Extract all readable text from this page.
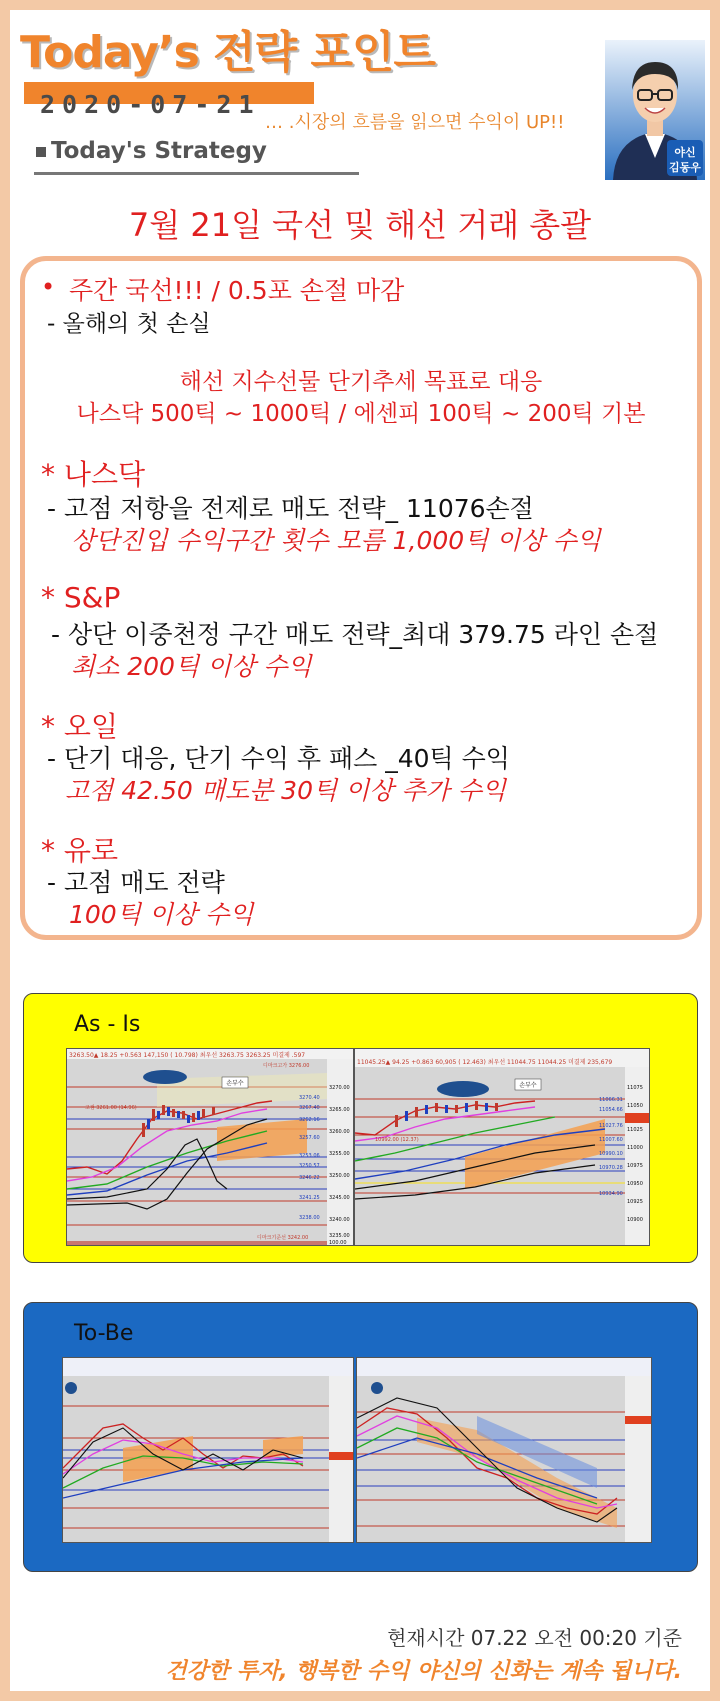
Today’s 전략 포인트
2020-07-21
… .시장의 흐름을 읽으면 수익이 UP!!
Today's Strategy	야신
김동우
7월 21일 국선 및 해선 거래 총괄
• 주간 국선!!! / 0.5포 손절 마감
- 올해의 첫 손실
해선 지수선물 단기추세 목표로 대응
나스닥 500틱 ~ 1000틱 / 에센피 100틱 ~ 200틱 기본
* 나스닥
- 고점 저항을 전제로 매도 전략_ 11076손절
상단진입 수익구간 횟수 모름 1,000틱 이상 수익
* S&P
- 상단 이중천정 구간 매도 전략_최대 379.75 라인 손절
최소 200틱 이상 수익
* 오일
- 단기 대응, 단기 수익 후 패스 _40틱 수익
고점 42.50 매도분 30틱 이상 추가 수익
* 유로
- 고점 매도 전략
100틱 이상 수익
As - Is
3263.50▲ 18.25 +0.563 147,150 ( 10.798) 최우선 3263.75 3263.25 미결제 .597
손부수
3270.00
3265.00
3260.00
3255.00
3250.00
3245.00
3240.00
3235.00
100.00
3270.40
3267.40
3262.16
3257.60
3253.06
3250.57
3246.22
3241.25
3238.00
디마크고가 3276.00
고점 3261.00 (14.96)
디마크기준선 3242.00
11045.25▲ 94.25 +0.863 60,905 ( 12.463) 최우선 11044.75 11044.25 미결제 235,679
손부수	11075
11050
11025
11000
10975
10950
10925
10900
11066.31
11054.66
11027.76
11007.60
10990.10
10970.28
10934.90
10992.00 (12.37)
To-Be
현재시간 07.22 오전 00:20 기준
건강한 투자, 행복한 수익 야신의 신화는 계속 됩니다.
